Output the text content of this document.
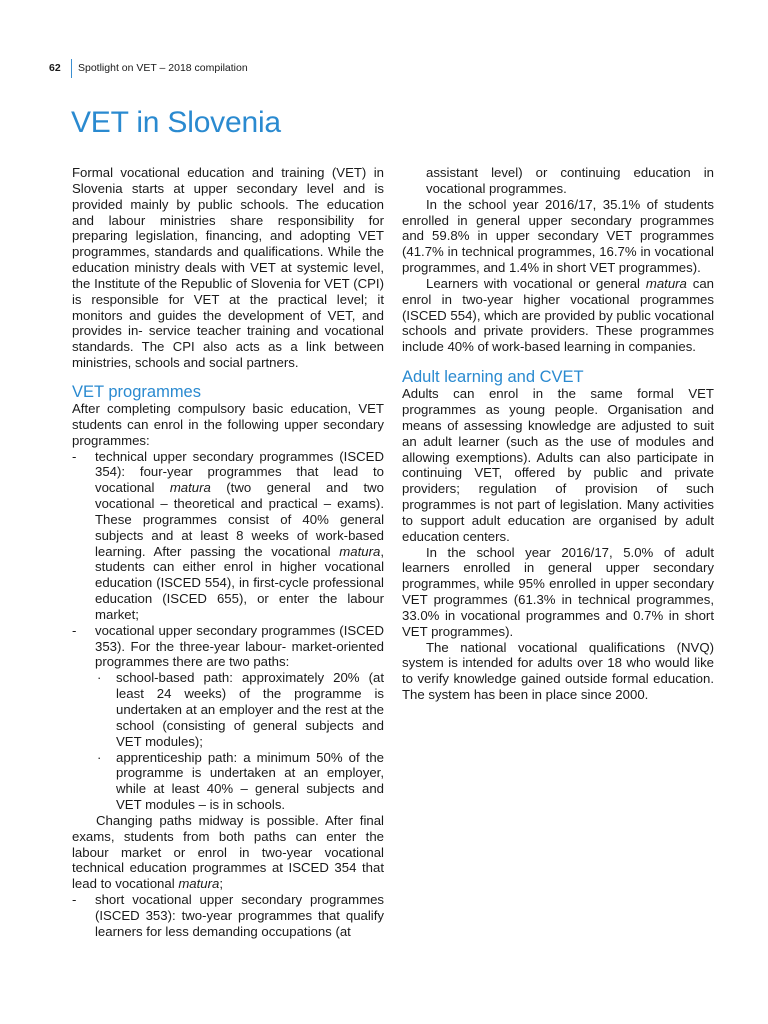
62	Spotlight on VET – 2018 compilation
VET in Slovenia

Formal vocational education and training (VET) in Slovenia starts at upper secondary level and is provided mainly by public schools. The education and labour ministries share responsibility for preparing legislation, financing, and adopting VET programmes, standards and qualifications. While the education ministry deals with VET at systemic level, the Institute of the Republic of Slovenia for VET (CPI) is responsible for VET at the practical level; it monitors and guides the development of VET, and provides in- service teacher training and vocational standards. The CPI also acts as a link between ministries, schools and social partners.

VET programmes

After completing compulsory basic education, VET students can enrol in the following upper secondary programmes:

- technical upper secondary programmes (ISCED 354): four-year programmes that lead to vocational matura (two general and two vocational – theoretical and practical – exams). These programmes consist of 40% general subjects and at least 8 weeks of work-based learning. After passing the vocational matura, students can either enrol in higher vocational education (ISCED 554), in first-cycle professional education (ISCED 655), or enter the labour market;
- vocational upper secondary programmes (ISCED 353). For the three-year labour- market-oriented programmes there are two paths:
· school-based path: approximately 20% (at least 24 weeks) of the programme is undertaken at an employer and the rest at the school (consisting of general subjects and VET modules);
· apprenticeship path: a minimum 50% of the programme is undertaken at an employer, while at least 40% – general subjects and VET modules – is in schools.

Changing paths midway is possible. After final exams, students from both paths can enter the labour market or enrol in two-year vocational technical education programmes at ISCED 354 that lead to vocational matura;

- short vocational upper secondary programmes (ISCED 353): two-year programmes that qualify learners for less demanding occupations (at

assistant level) or continuing education in vocational programmes.

In the school year 2016/17, 35.1% of students enrolled in general upper secondary programmes and 59.8% in upper secondary VET programmes (41.7% in technical programmes, 16.7% in vocational programmes, and 1.4% in short VET programmes).

Learners with vocational or general matura can enrol in two-year higher vocational programmes (ISCED 554), which are provided by public vocational schools and private providers. These programmes include 40% of work-based learning in companies.

Adult learning and CVET

Adults can enrol in the same formal VET programmes as young people. Organisation and means of assessing knowledge are adjusted to suit an adult learner (such as the use of modules and allowing exemptions). Adults can also participate in continuing VET, offered by public and private providers; regulation of provision of such programmes is not part of legislation. Many activities to support adult education are organised by adult education centers.

In the school year 2016/17, 5.0% of adult learners enrolled in general upper secondary programmes, while 95% enrolled in upper secondary VET programmes (61.3% in technical programmes, 33.0% in vocational programmes and 0.7% in short VET programmes).

The national vocational qualifications (NVQ) system is intended for adults over 18 who would like to verify knowledge gained outside formal education. The system has been in place since 2000.
